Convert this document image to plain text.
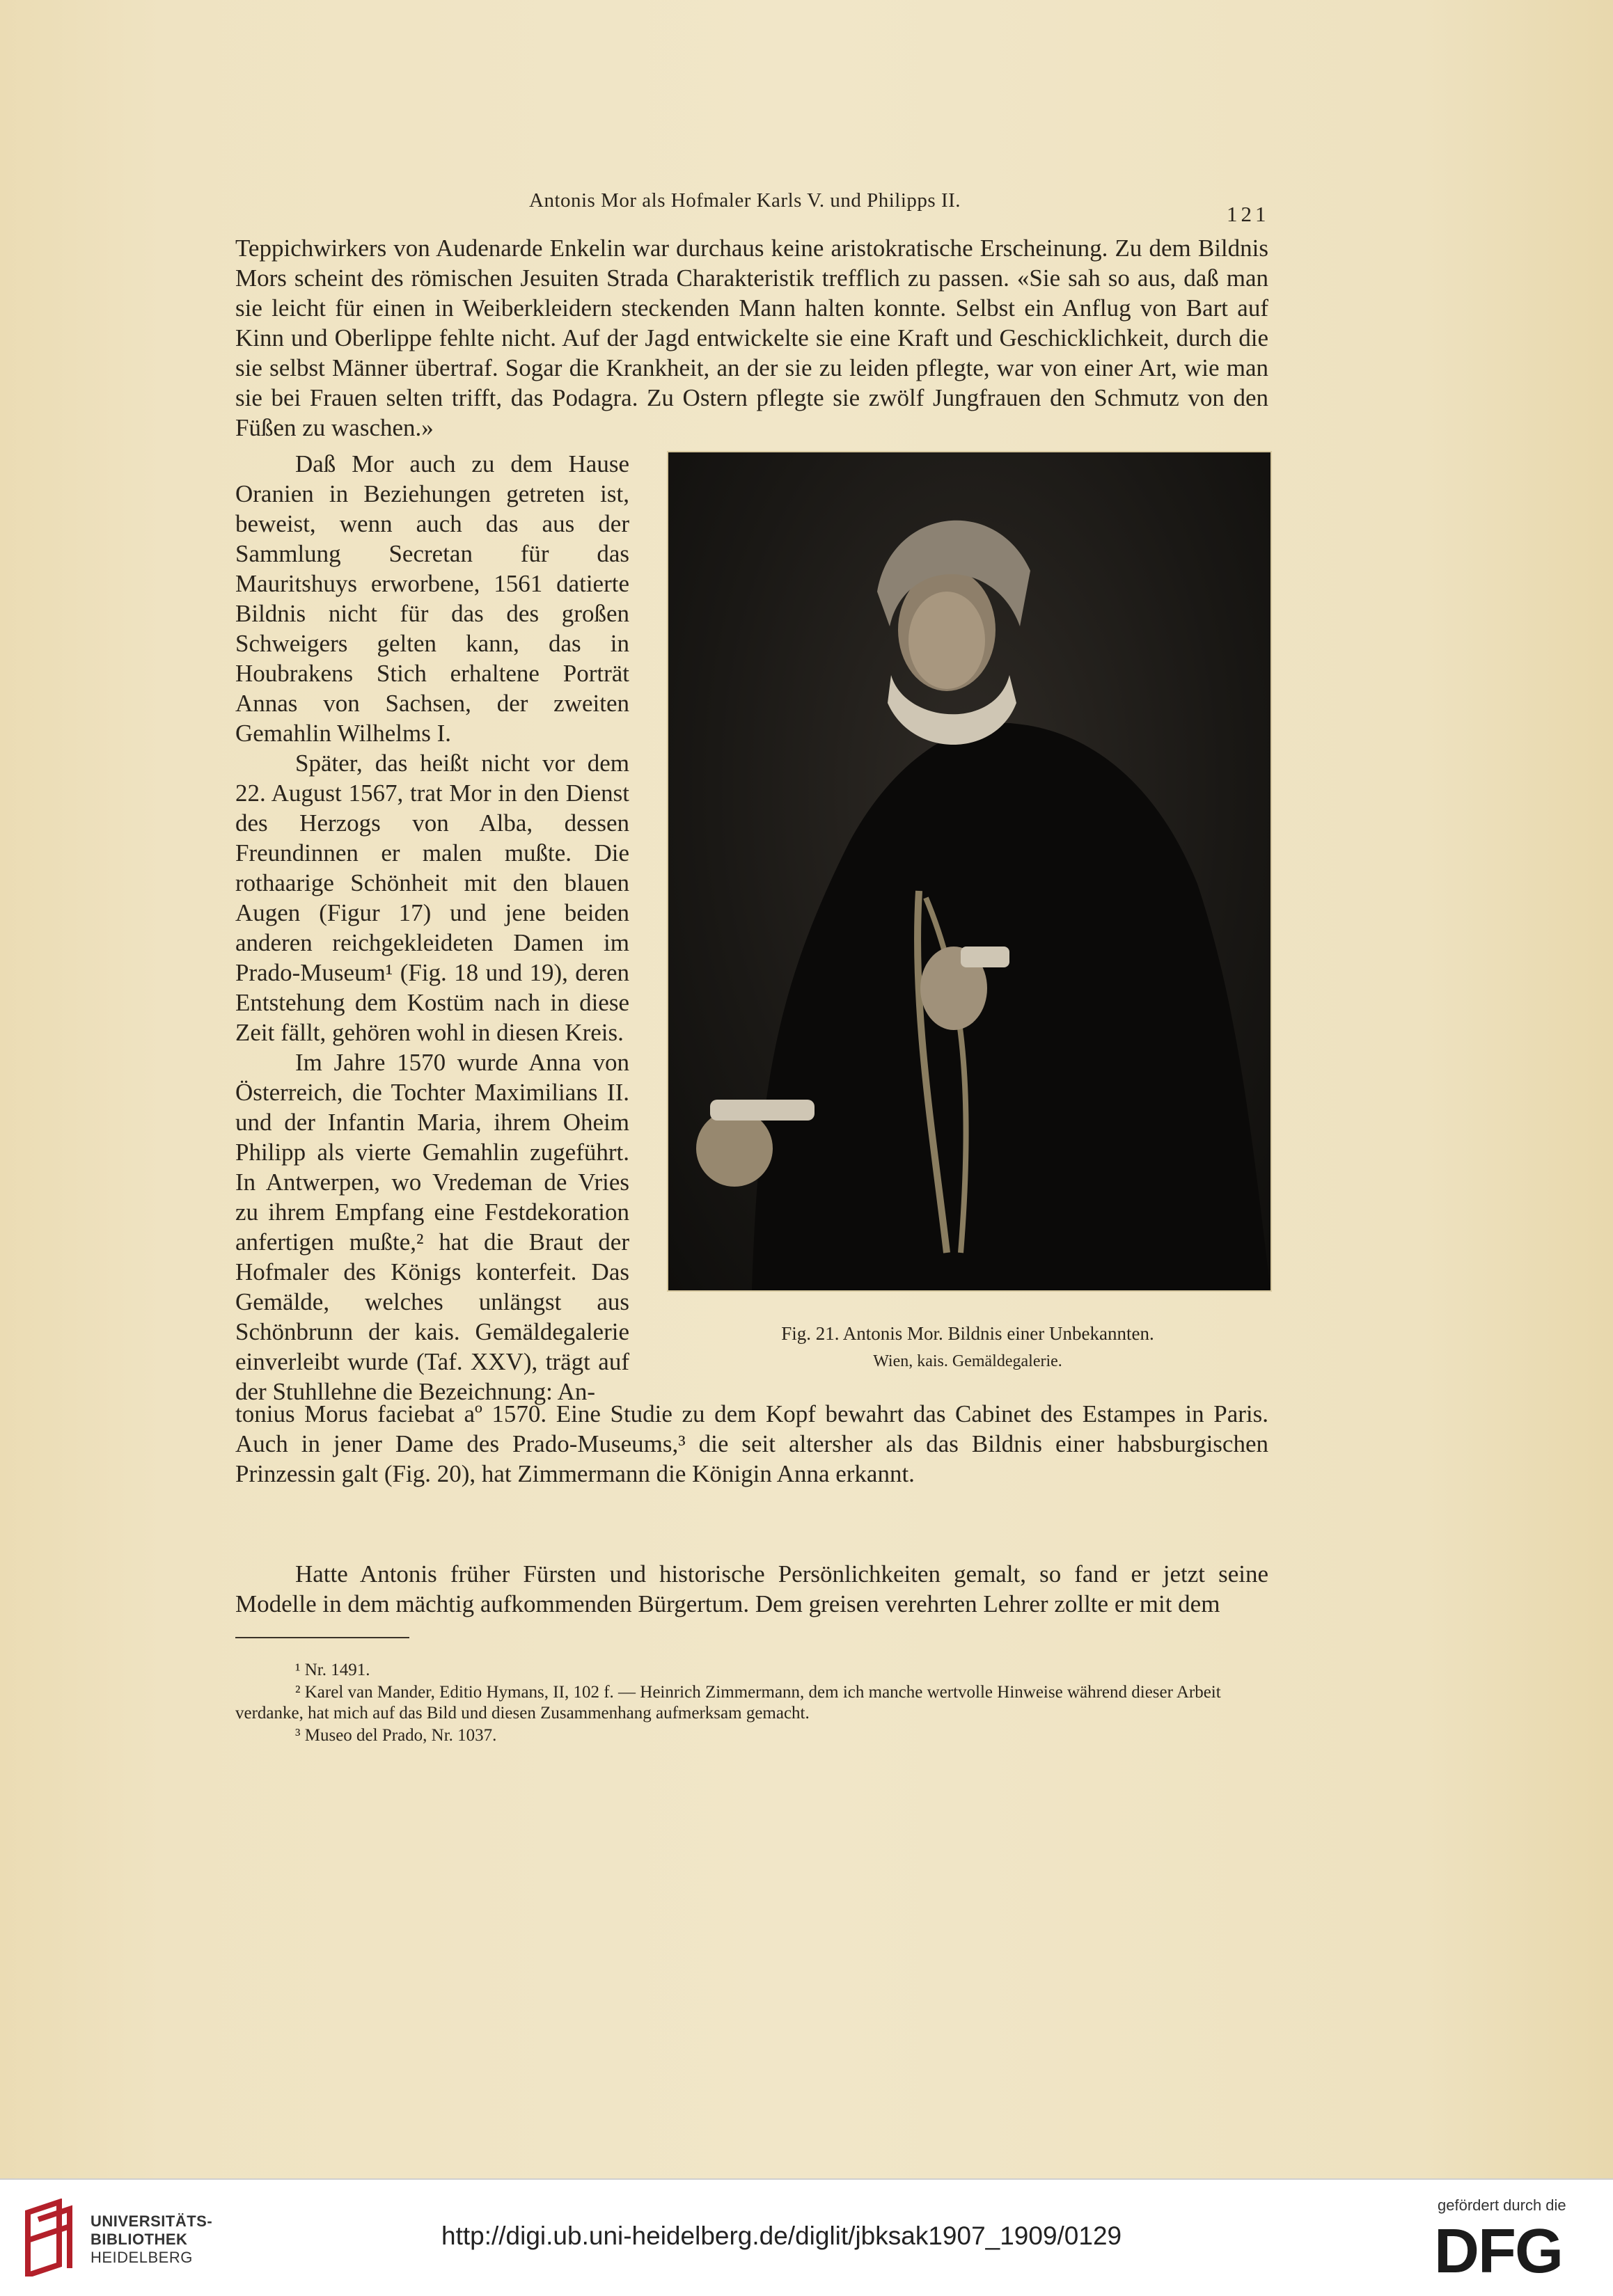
Antonis Mor als Hofmaler Karls V. und Philipps II.
121

Teppichwirkers von Audenarde Enkelin war durchaus keine aristokratische Erscheinung. Zu dem Bildnis Mors scheint des römischen Jesuiten Strada Charakteristik trefflich zu passen. «Sie sah so aus, daß man sie leicht für einen in Weiberkleidern steckenden Mann halten konnte. Selbst ein Anflug von Bart auf Kinn und Oberlippe fehlte nicht. Auf der Jagd entwickelte sie eine Kraft und Geschicklichkeit, durch die sie selbst Männer übertraf. Sogar die Krankheit, an der sie zu leiden pflegte, war von einer Art, wie man sie bei Frauen selten trifft, das Podagra. Zu Ostern pflegte sie zwölf Jungfrauen den Schmutz von den Füßen zu waschen.»

Daß Mor auch zu dem Hause Oranien in Beziehungen getreten ist, beweist, wenn auch das aus der Sammlung Secretan für das Mauritshuys erworbene, 1561 datierte Bildnis nicht für das des großen Schweigers gelten kann, das in Houbrakens Stich erhaltene Porträt Annas von Sachsen, der zweiten Gemahlin Wilhelms I.

Später, das heißt nicht vor dem 22. August 1567, trat Mor in den Dienst des Herzogs von Alba, dessen Freundinnen er malen mußte. Die rothaarige Schönheit mit den blauen Augen (Figur 17) und jene beiden anderen reichgekleideten Damen im Prado-Museum¹ (Fig. 18 und 19), deren Entstehung dem Kostüm nach in diese Zeit fällt, gehören wohl in diesen Kreis.

Im Jahre 1570 wurde Anna von Österreich, die Tochter Maximilians II. und der Infantin Maria, ihrem Oheim Philipp als vierte Gemahlin zugeführt. In Antwerpen, wo Vredeman de Vries zu ihrem Empfang eine Festdekoration anfertigen mußte,² hat die Braut der Hofmaler des Königs konterfeit. Das Gemälde, welches unlängst aus Schönbrunn der kais. Gemäldegalerie einverleibt wurde (Taf. XXV), trägt auf der Stuhllehne die Bezeichnung: An-

Fig. 21. Antonis Mor. Bildnis einer Unbekannten.
Wien, kais. Gemäldegalerie.

tonius Morus faciebat aº 1570. Eine Studie zu dem Kopf bewahrt das Cabinet des Estampes in Paris. Auch in jener Dame des Prado-Museums,³ die seit altersher als das Bildnis einer habsburgischen Prinzessin galt (Fig. 20), hat Zimmermann die Königin Anna erkannt.

Hatte Antonis früher Fürsten und historische Persönlichkeiten gemalt, so fand er jetzt seine Modelle in dem mächtig aufkommenden Bürgertum. Dem greisen verehrten Lehrer zollte er mit dem

¹ Nr. 1491.

² Karel van Mander, Editio Hymans, II, 102 f. — Heinrich Zimmermann, dem ich manche wertvolle Hinweise während dieser Arbeit verdanke, hat mich auf das Bild und diesen Zusammenhang aufmerksam gemacht.

³ Museo del Prado, Nr. 1037.

UNIVERSITÄTS-
BIBLIOTHEK
HEIDELBERG
http://digi.ub.uni-heidelberg.de/diglit/jbksak1907_1909/0129
gefördert durch die
DFG
